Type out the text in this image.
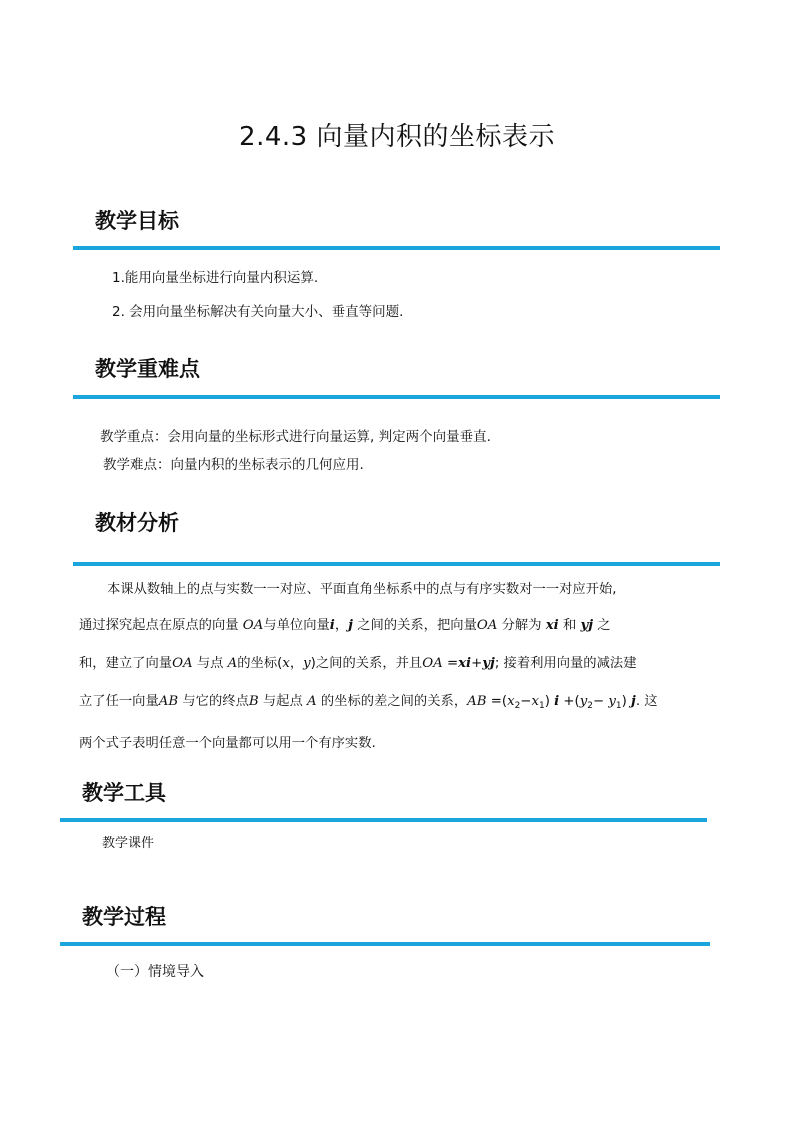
2.4.3 向量内积的坐标表示
教学目标
1.能用向量坐标进行向量内积运算.
2. 会用向量坐标解决有关向量大小、垂直等问题.
教学重难点
教学重点：会用向量的坐标形式进行向量运算, 判定两个向量垂直.
教学难点：向量内积的坐标表示的几何应用.
教材分析
本课从数轴上的点与实数一一对应、平面直角坐标系中的点与有序实数对一一对应开始,
通过探究起点在原点的向量 OA与单位向量i，j 之间的关系，把向量OA 分解为 xi 和 yj 之
和，建立了向量OA 与点 A的坐标(x，y)之间的关系，并且OA =xi+yj; 接着利用向量的减法建
立了任一向量AB 与它的终点B 与起点 A 的坐标的差之间的关系，AB $=(x_2-x_1)$ $i +(y_2- y_1)$ j. 这
两个式子表明任意一个向量都可以用一个有序实数.
教学工具
教学课件
教学过程
（一）情境导入
